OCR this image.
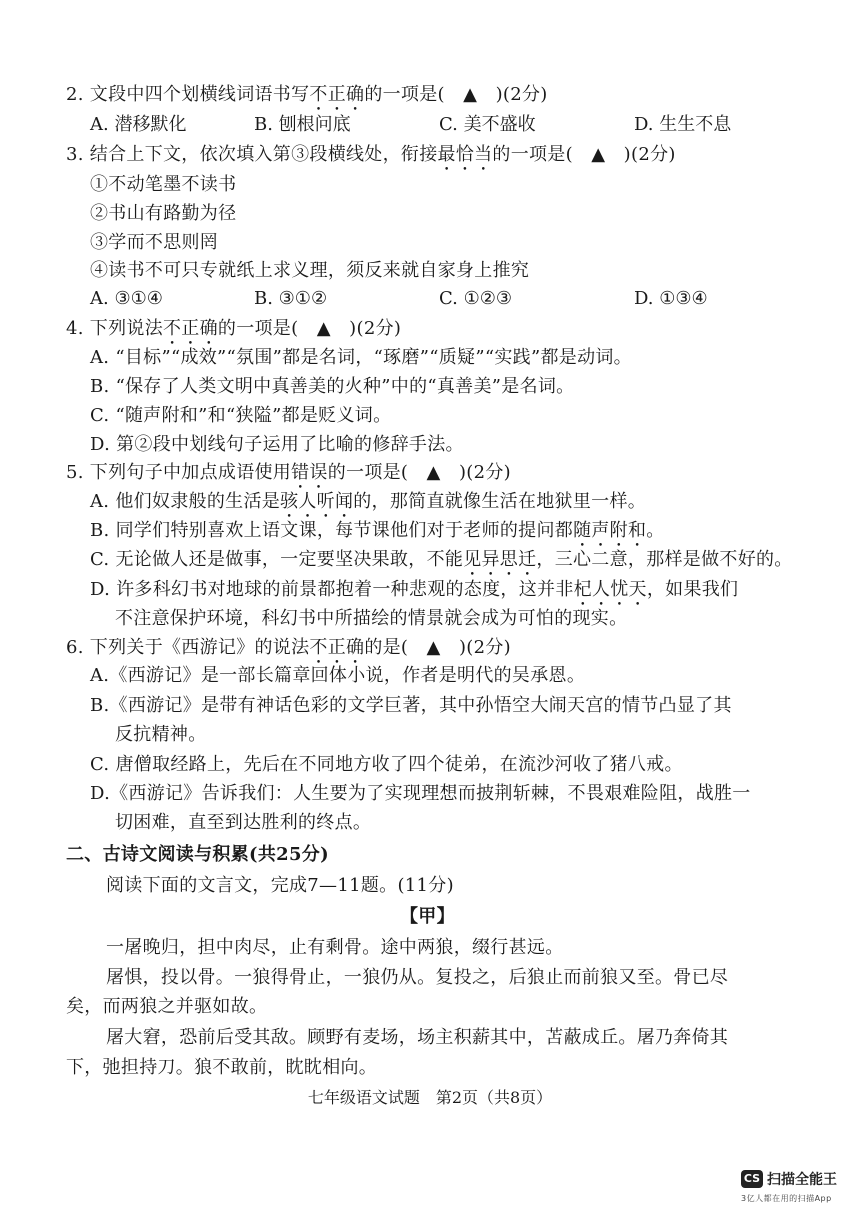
2. 文段中四个划横线词语书写不正确的一项是(　▲　)(2分)
A. 潜移默化	B. 刨根问底	C. 美不盛收	D. 生生不息
3. 结合上下文，依次填入第③段横线处，衔接最恰当的一项是(　▲　)(2分)
①不动笔墨不读书
②书山有路勤为径
③学而不思则罔
④读书不可只专就纸上求义理，须反来就自家身上推究
A. ③①④	B. ③①②	C. ①②③	D. ①③④
4. 下列说法不正确的一项是(　▲　)(2分)
A. “目标”“成效”“氛围”都是名词，“琢磨”“质疑”“实践”都是动词。
B. “保存了人类文明中真善美的火种”中的“真善美”是名词。
C. “随声附和”和“狭隘”都是贬义词。
D. 第②段中划线句子运用了比喻的修辞手法。
5. 下列句子中加点成语使用错误的一项是(　▲　)(2分)
A. 他们奴隶般的生活是骇人听闻的，那简直就像生活在地狱里一样。
B. 同学们特别喜欢上语文课，每节课他们对于老师的提问都随声附和。
C. 无论做人还是做事，一定要坚决果敢，不能见异思迁，三心二意，那样是做不好的。
D. 许多科幻书对地球的前景都抱着一种悲观的态度，这并非杞人忧天，如果我们
不注意保护环境，科幻书中所描绘的情景就会成为可怕的现实。
6. 下列关于《西游记》的说法不正确的是(　▲　)(2分)
A.《西游记》是一部长篇章回体小说，作者是明代的吴承恩。
B.《西游记》是带有神话色彩的文学巨著，其中孙悟空大闹天宫的情节凸显了其
反抗精神。
C. 唐僧取经路上，先后在不同地方收了四个徒弟，在流沙河收了猪八戒。
D.《西游记》告诉我们：人生要为了实现理想而披荆斩棘，不畏艰难险阻，战胜一
切困难，直至到达胜利的终点。
二、古诗文阅读与积累(共25分)
阅读下面的文言文，完成7—11题。(11分)
【甲】
一屠晚归，担中肉尽，止有剩骨。途中两狼，缀行甚远。
屠惧，投以骨。一狼得骨止，一狼仍从。复投之，后狼止而前狼又至。骨已尽
矣，而两狼之并驱如故。
屠大窘，恐前后受其敌。顾野有麦场，场主积薪其中，苫蔽成丘。屠乃奔倚其
下，弛担持刀。狼不敢前，眈眈相向。
七年级语文试题　第2页（共8页）
CS 扫描全能王
3亿人都在用的扫描App
